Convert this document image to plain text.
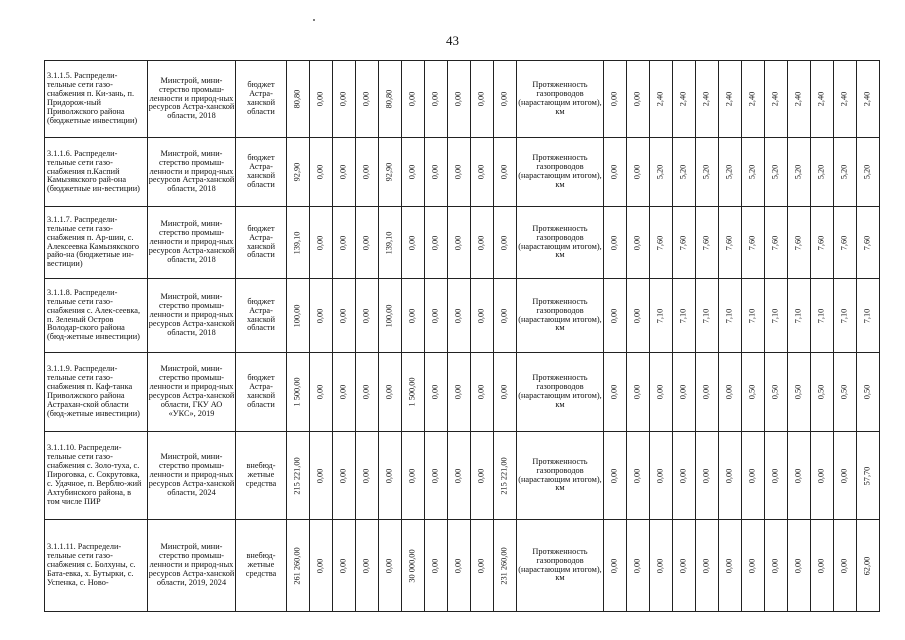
43
3.1.1.5. Распредели-тельные сети газо-снабжения п. Ки-зань, п. Придорож-ный Приволжского района (бюджетные инвестиции)	Минстрой, мини-стерство промыш-ленности и природ-ных ресурсов Астра-ханской области, 2018	бюджет Астра-ханской области	80,80	0,00	0,00	0,00	80,80	0,00	0,00	0,00	0,00	0,00	Протяженность газопроводов (нарастающим итогом), км	0,00	0,00	2,40	2,40	2,40	2,40	2,40	2,40	2,40	2,40	2,40	2,40

3.1.1.6. Распредели-тельные сети газо-снабжения п.Каспий Камызякского рай-она (бюджетные ин-вестиции)	Минстрой, мини-стерство промыш-ленности и природ-ных ресурсов Астра-ханской области, 2018	бюджет Астра-ханской области	92,90	0,00	0,00	0,00	92,90	0,00	0,00	0,00	0,00	0,00	Протяженность газопроводов (нарастающим итогом), км	0,00	0,00	5,20	5,20	5,20	5,20	5,20	5,20	5,20	5,20	5,20	5,20

3.1.1.7. Распредели-тельные сети газо-снабжения п. Ар-шин, с. Алексеевка Камызякского райо-на (бюджетные ин-вестиции)	Минстрой, мини-стерство промыш-ленности и природ-ных ресурсов Астра-ханской области, 2018	бюджет Астра-ханской области	139,10	0,00	0,00	0,00	139,10	0,00	0,00	0,00	0,00	0,00	Протяженность газопроводов (нарастающим итогом), км	0,00	0,00	7,60	7,60	7,60	7,60	7,60	7,60	7,60	7,60	7,60	7,60

3.1.1.8. Распредели-тельные сети газо-снабжения с. Алек-сеевка, п. Зеленый Остров Володар-ского района (бюд-жетные инвестиции)	Минстрой, мини-стерство промыш-ленности и природ-ных ресурсов Астра-ханской области, 2018	бюджет Астра-ханской области	100,00	0,00	0,00	0,00	100,00	0,00	0,00	0,00	0,00	0,00	Протяженность газопроводов (нарастающим итогом), км	0,00	0,00	7,10	7,10	7,10	7,10	7,10	7,10	7,10	7,10	7,10	7,10

3.1.1.9. Распредели-тельные сети газо-снабжения п. Каф-танка Приволжского района Астрахан-ской области (бюд-жетные инвестиции)	Минстрой, мини-стерство промыш-ленности и природ-ных ресурсов Астра-ханской области, ГКУ АО «УКС», 2019	бюджет Астра-ханской области	1 500,00	0,00	0,00	0,00	0,00	1 500,00	0,00	0,00	0,00	0,00	Протяженность газопроводов (нарастающим итогом), км	0,00	0,00	0,00	0,00	0,00	0,00	0,50	0,50	0,50	0,50	0,50	0,50

3.1.1.10. Распредели-тельные сети газо-снабжения с. Золо-туха, с. Пироговка, с. Сокрутовка, с. Удачное, п. Верблю-жий Ахтубинского района, в том числе ПИР	Минстрой, мини-стерство промыш-ленности и природ-ных ресурсов Астра-ханской области, 2024	внебюд-жетные средства	215 221,00	0,00	0,00	0,00	0,00	0,00	0,00	0,00	0,00	215 221,00	Протяженность газопроводов (нарастающим итогом), км	0,00	0,00	0,00	0,00	0,00	0,00	0,00	0,00	0,00	0,00	0,00	57,70

3.1.1.11. Распредели-тельные сети газо-снабжения с. Болхуны, с. Бата-евка, х. Бутырки, с. Успенка, с. Ново-	Минстрой, мини-стерство промыш-ленности и природ-ных ресурсов Астра-ханской области, 2019, 2024	внебюд-жетные средства	261 260,00	0,00	0,00	0,00	0,00	30 000,00	0,00	0,00	0,00	231 260,00	Протяженность газопроводов (нарастающим итогом), км	0,00	0,00	0,00	0,00	0,00	0,00	0,00	0,00	0,00	0,00	0,00	62,00
